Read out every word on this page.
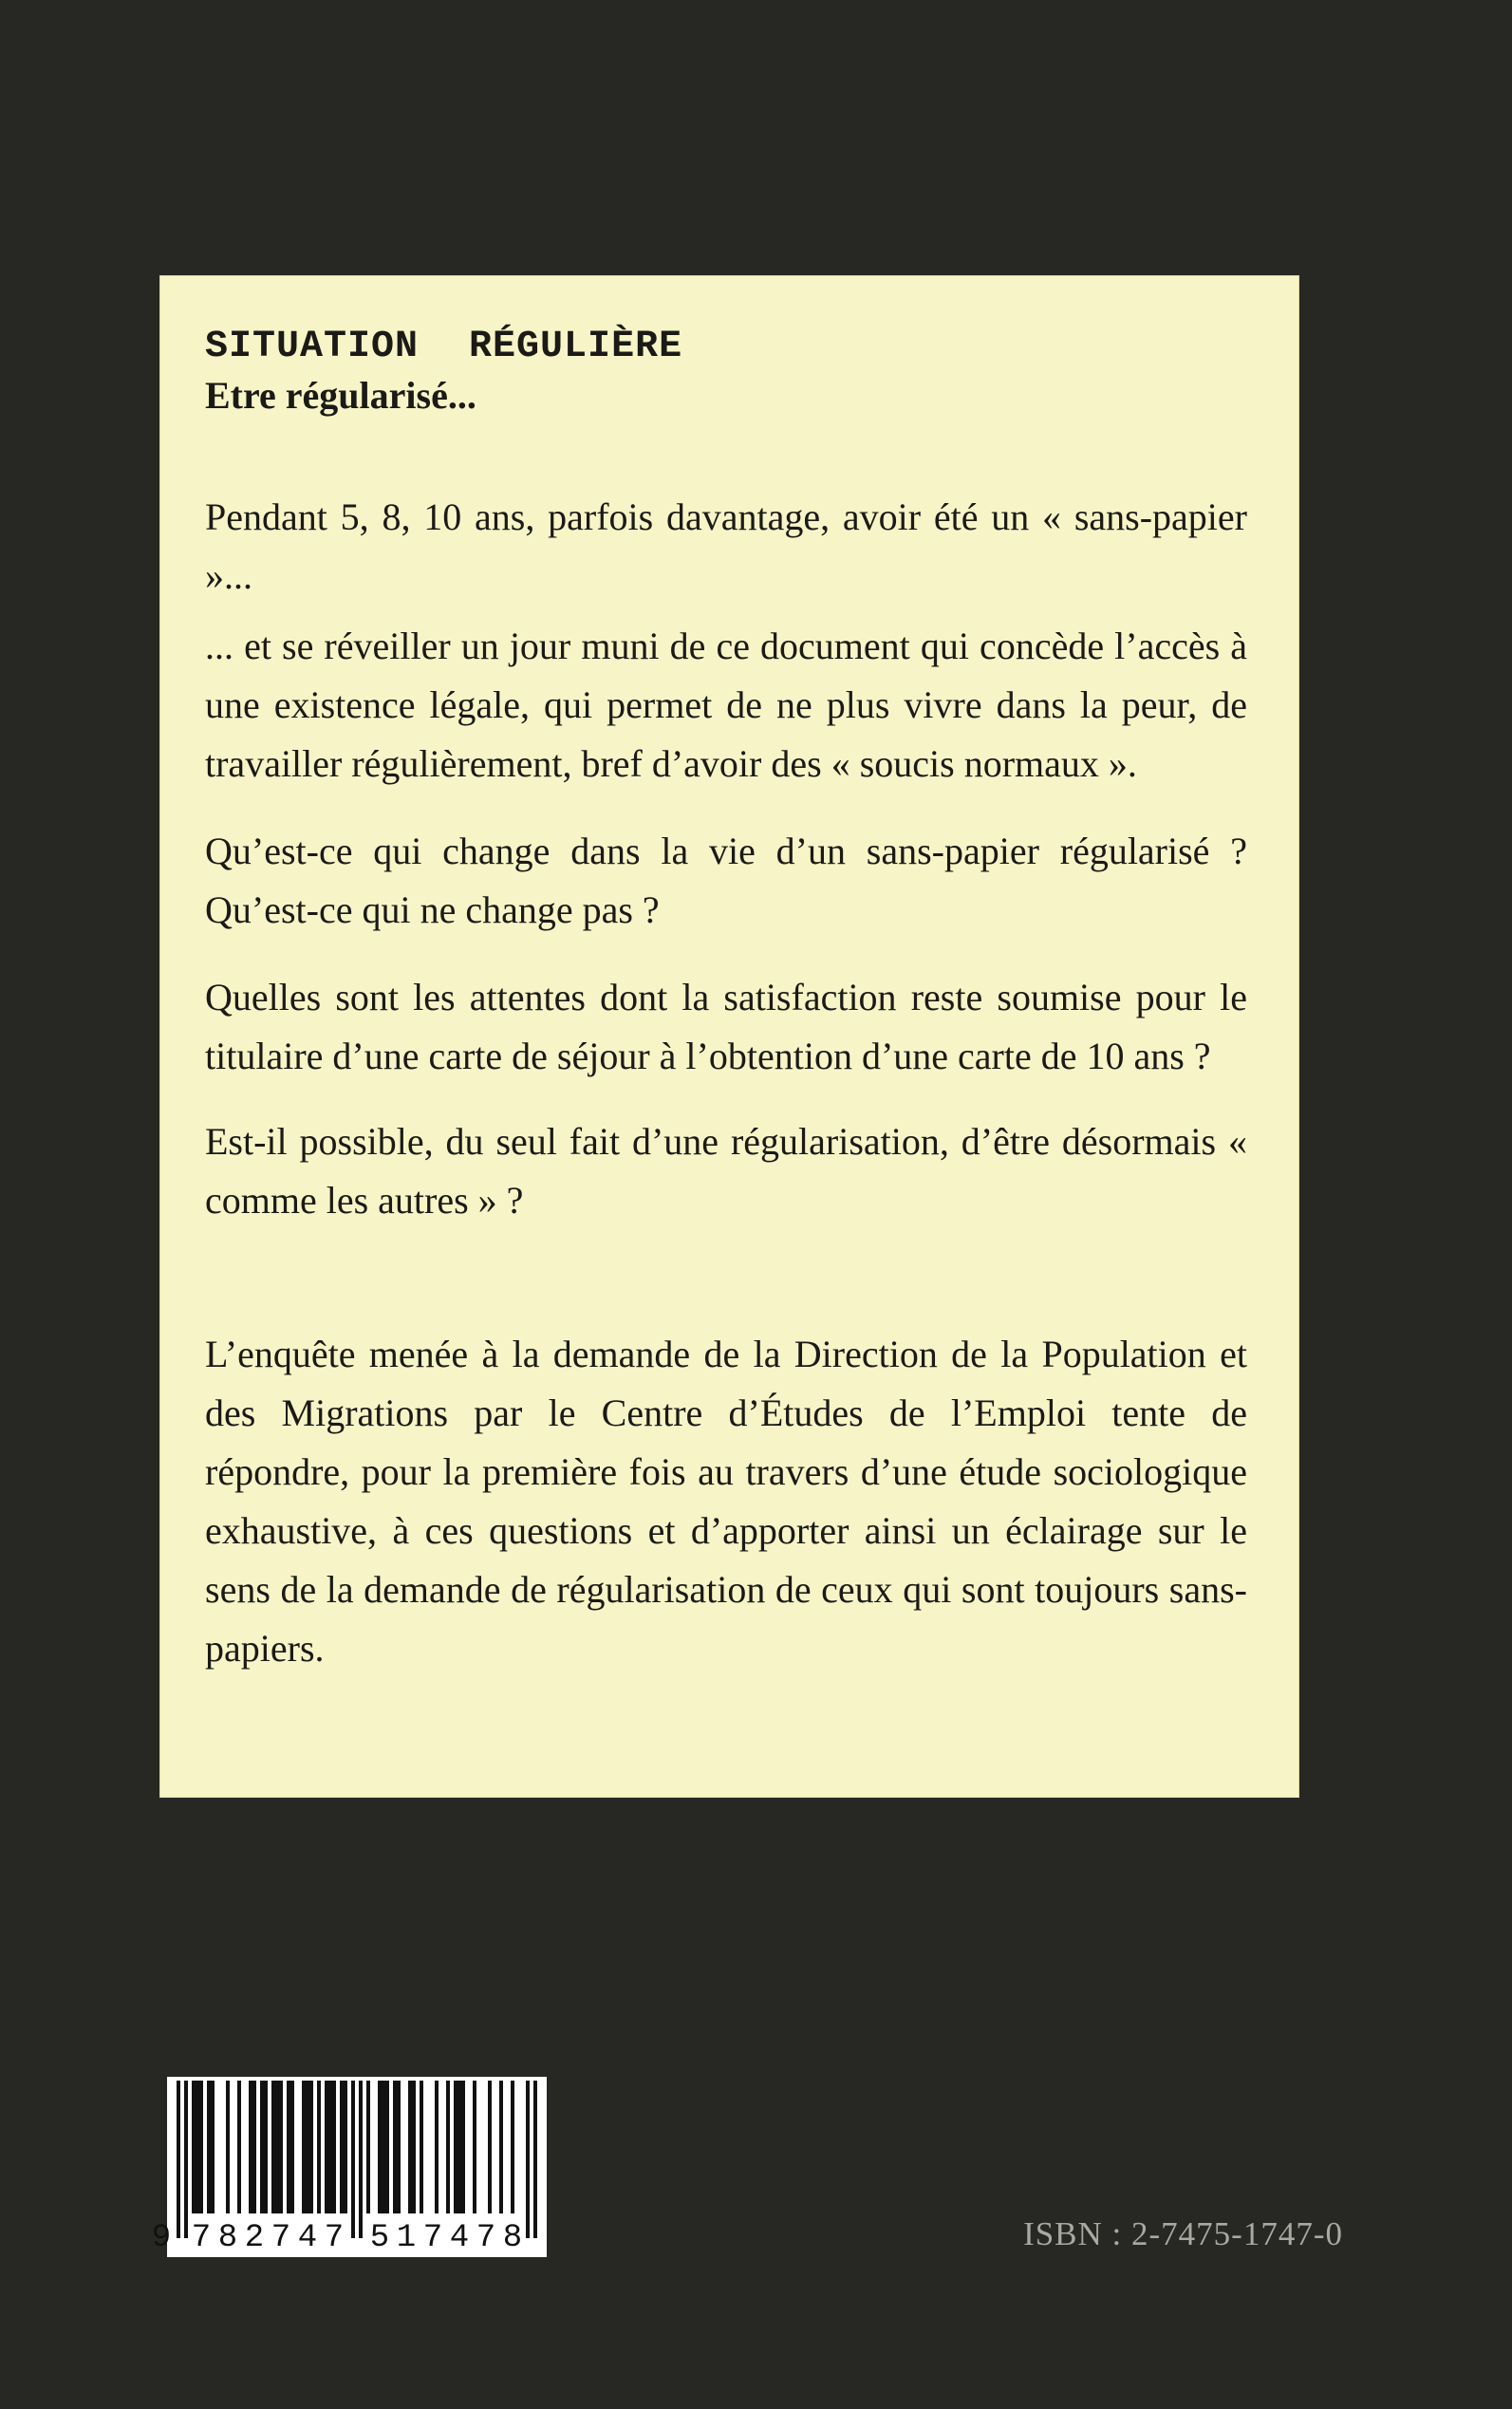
SITUATION RÉGULIÈRE
Etre régularisé...

Pendant 5, 8, 10 ans, parfois davantage, avoir été un « sans-papier »...

... et se réveiller un jour muni de ce document qui concède l’accès à une existence légale, qui permet de ne plus vivre dans la peur, de travailler régulièrement, bref d’avoir des « soucis normaux ».

Qu’est-ce qui change dans la vie d’un sans-papier régularisé ? Qu’est-ce qui ne change pas ?

Quelles sont les attentes dont la satisfaction reste soumise pour le titulaire d’une carte de séjour à l’obtention d’une carte de 10 ans ?

Est-il possible, du seul fait d’une régularisation, d’être désormais « comme les autres » ?

L’enquête menée à la demande de la Direction de la Population et des Migrations par le Centre d’Études de l’Emploi tente de répondre, pour la première fois au travers d’une étude sociologique exhaustive, à ces questions et d’apporter ainsi un éclairage sur le sens de la demande de régularisation de ceux qui sont toujours sans-papiers.

9 7 8 2 7 4 7 5 1 7 4 7 8	ISBN : 2-7475-1747-0
